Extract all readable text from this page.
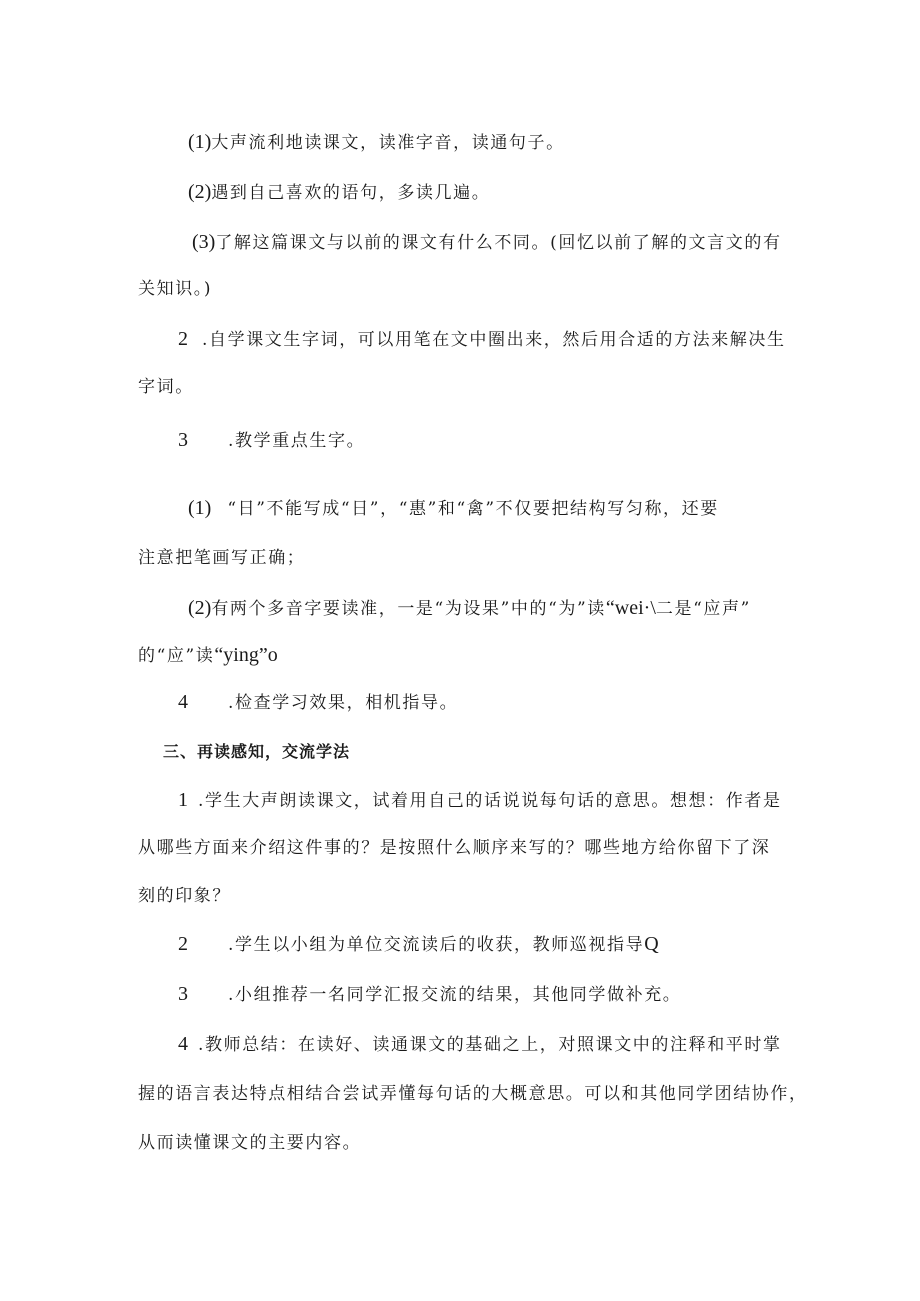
(1)大声流利地读课文，读准字音，读通句子。
(2)遇到自己喜欢的语句，多读几遍。
(3)了解这篇课文与以前的课文有什么不同。(回忆以前了解的文言文的有
关知识。)
2 .自学课文生字词，可以用笔在文中圈出来，然后用合适的方法来解决生
字词。
3 .教学重点生字。
(1) “日”不能写成“日”，“惠”和“禽”不仅要把结构写匀称，还要
注意把笔画写正确；
(2)有两个多音字要读准，一是“为设果”中的“为”读“wei·\二是“应声”
的“应”读“ying”o
4 .检查学习效果，相机指导。
三、再读感知，交流学法
1 .学生大声朗读课文，试着用自己的话说说每句话的意思。想想：作者是
从哪些方面来介绍这件事的？是按照什么顺序来写的？哪些地方给你留下了深
刻的印象？
2 .学生以小组为单位交流读后的收获，教师巡视指导Q
3 .小组推荐一名同学汇报交流的结果，其他同学做补充。
4 .教师总结：在读好、读通课文的基础之上，对照课文中的注释和平时掌
握的语言表达特点相结合尝试弄懂每句话的大概意思。可以和其他同学团结协作，
从而读懂课文的主要内容。
